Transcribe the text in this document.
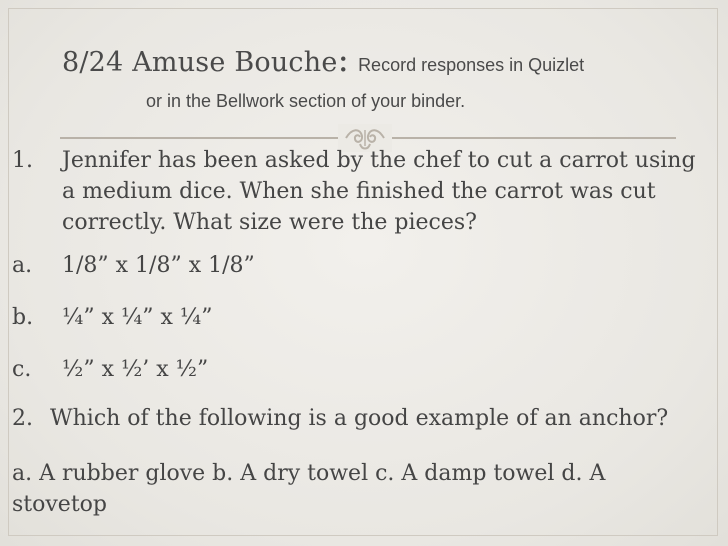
8/24 Amuse Bouche: Record responses in Quizlet
or in the Bellwork section of your binder.
1. Jennifer has been asked by the chef to cut a carrot using a medium dice. When she finished the carrot was cut correctly. What size were the pieces?
a. 1/8” x 1/8” x 1/8”
b. ¼” x ¼” x ¼”
c. ½” x ½’ x ½”
2. Which of the following is a good example of an anchor?
a. A rubber glove b. A dry towel c. A damp towel d. A stovetop
